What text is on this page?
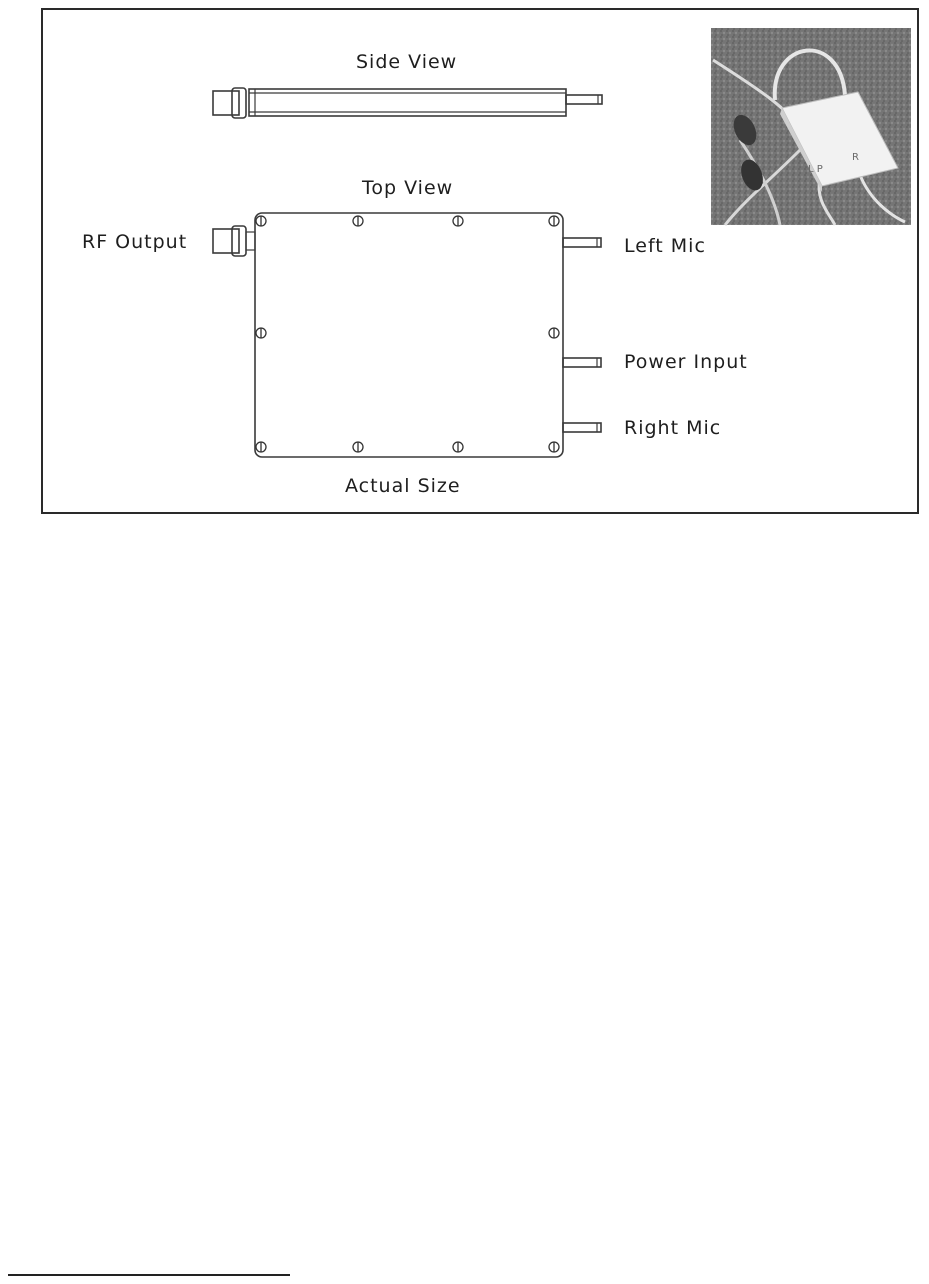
Side View
Top View
RF Output	Left Mic
Power Input
Right Mic
Actual Size
L P
R
